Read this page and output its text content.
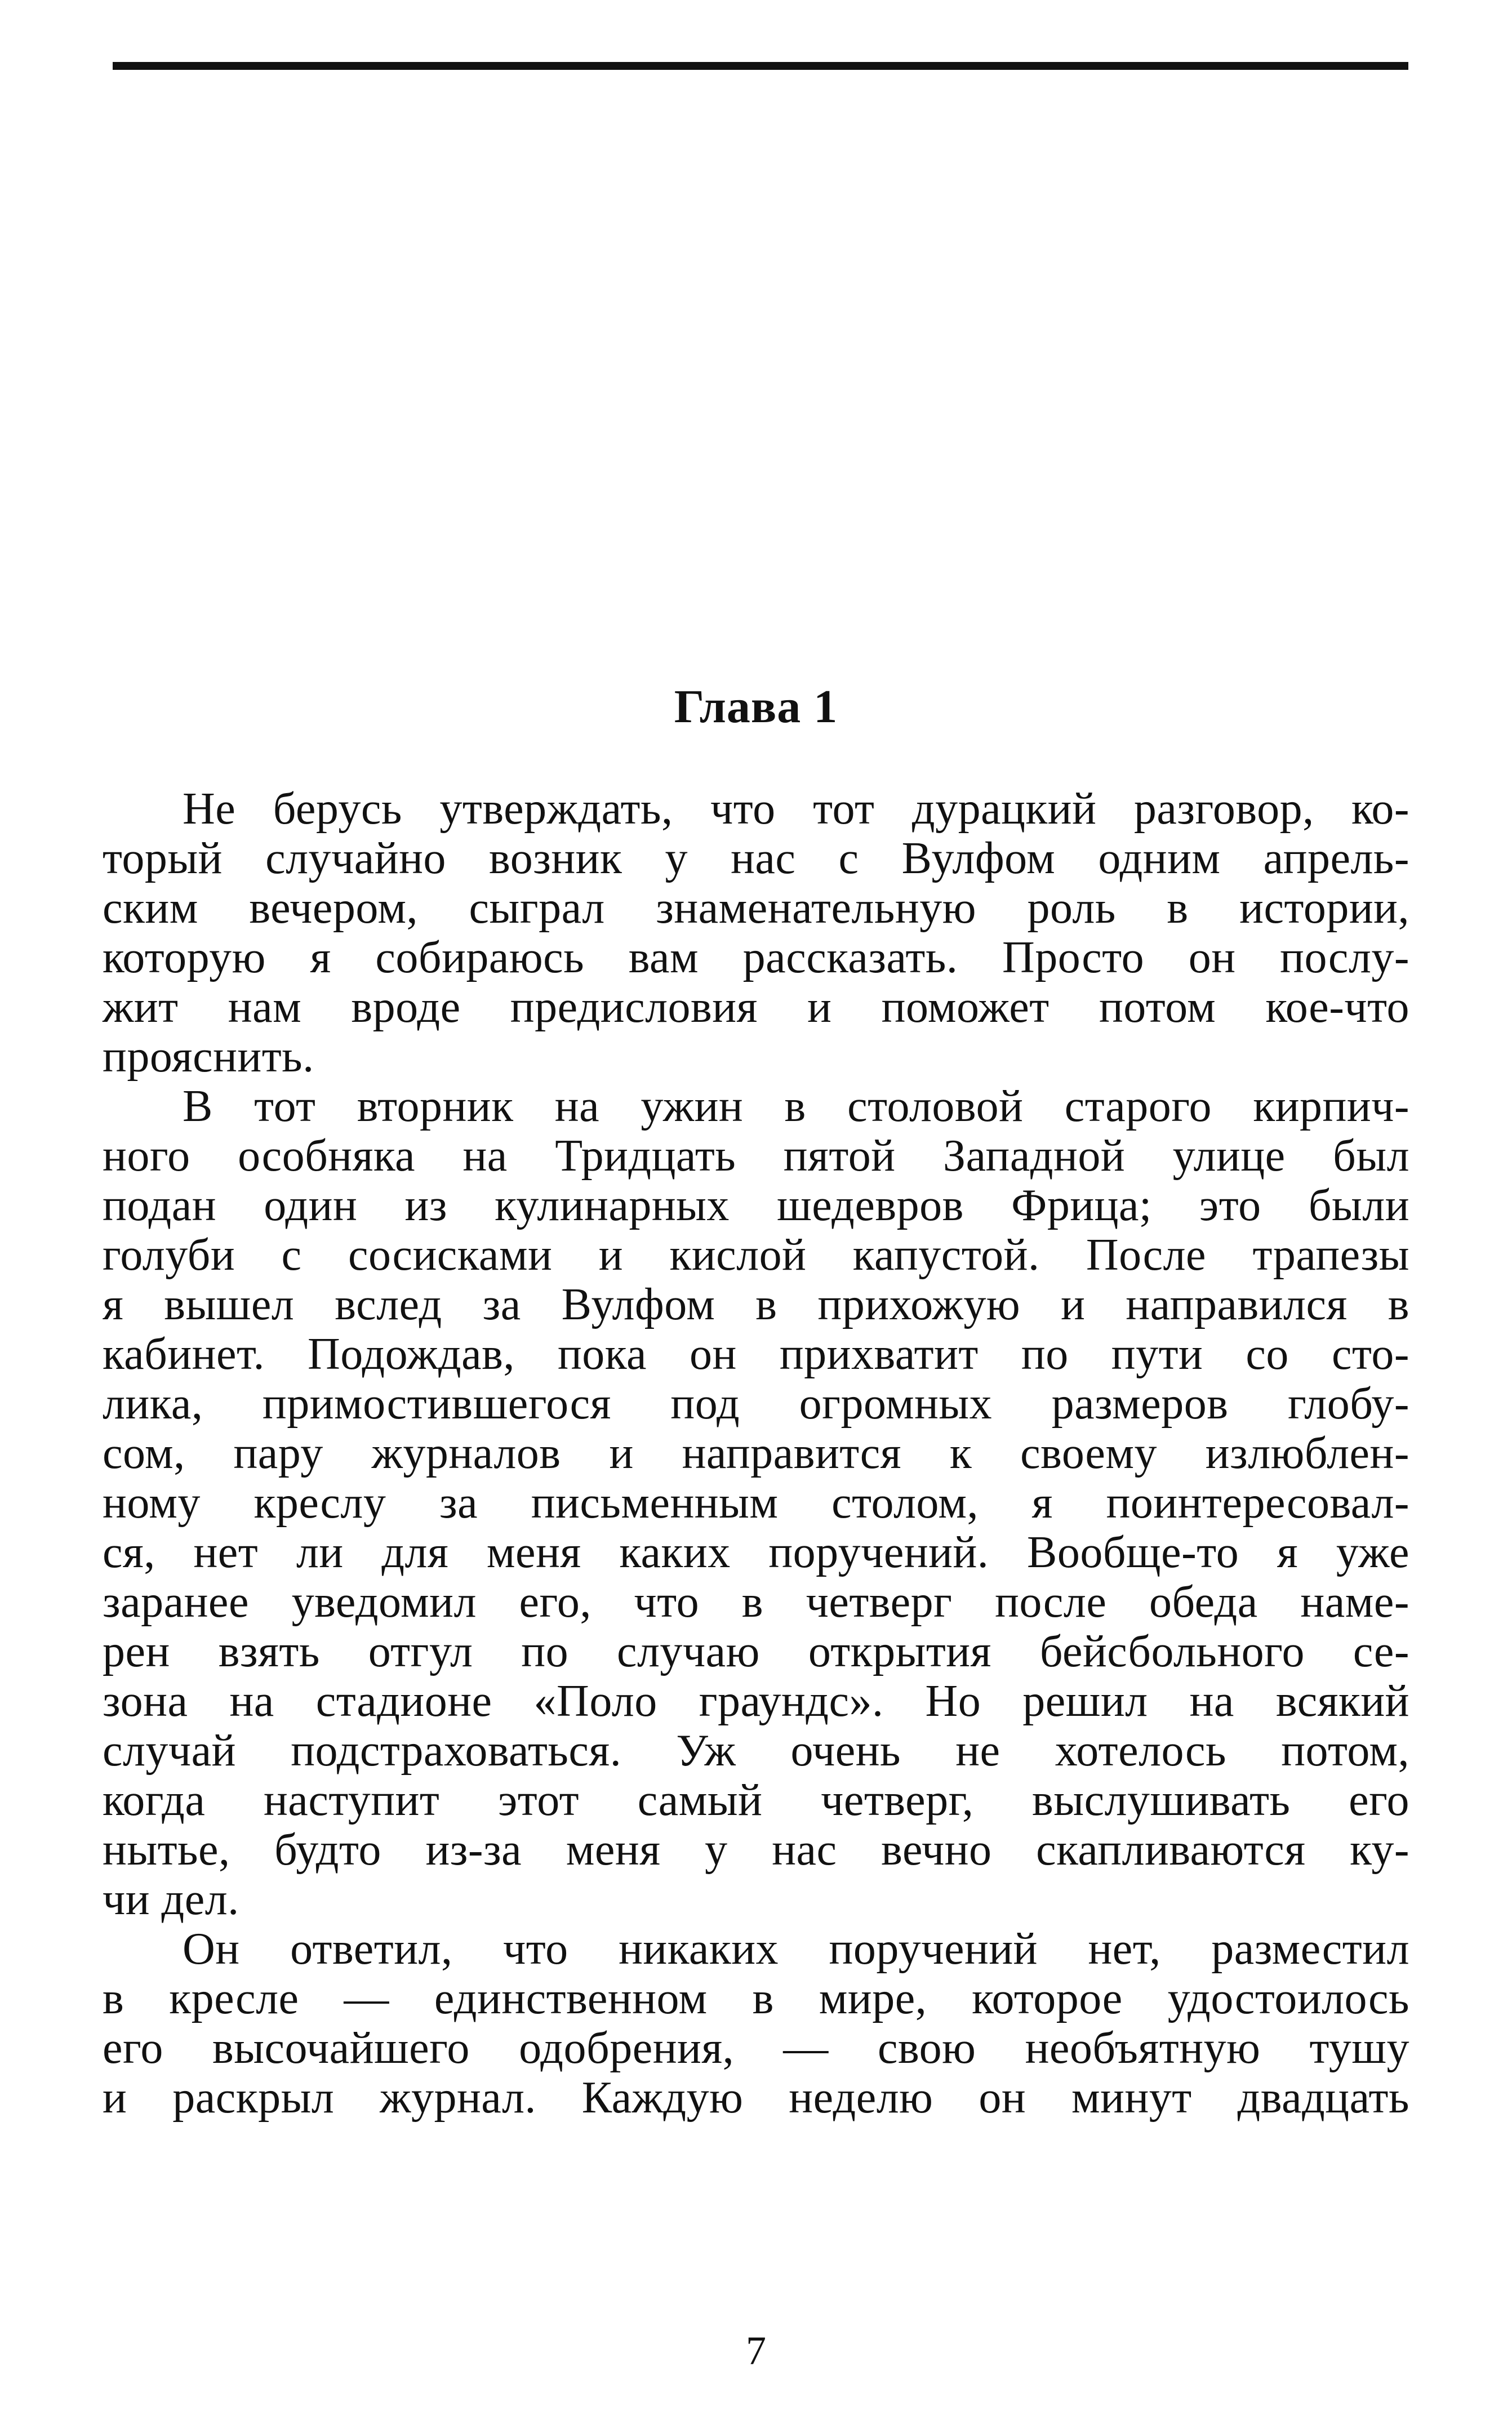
Глава 1
Не берусь утверждать, что тот дурацкий разговор, ко-
торый случайно возник у нас с Вулфом одним апрель-
ским вечером, сыграл знаменательную роль в истории,
которую я собираюсь вам рассказать. Просто он послу-
жит нам вроде предисловия и поможет потом кое-что
прояснить.
В тот вторник на ужин в столовой старого кирпич-
ного особняка на Тридцать пятой Западной улице был
подан один из кулинарных шедевров Фрица; это были
голуби с сосисками и кислой капустой. После трапезы
я вышел вслед за Вулфом в прихожую и направился в
кабинет. Подождав, пока он прихватит по пути со сто-
лика, примостившегося под огромных размеров глобу-
сом, пару журналов и направится к своему излюблен-
ному креслу за письменным столом, я поинтересовал-
ся, нет ли для меня каких поручений. Вообще-то я уже
заранее уведомил его, что в четверг после обеда наме-
рен взять отгул по случаю открытия бейсбольного се-
зона на стадионе «Поло граундс». Но решил на всякий
случай подстраховаться. Уж очень не хотелось потом,
когда наступит этот самый четверг, выслушивать его
нытье, будто из-за меня у нас вечно скапливаются ку-
чи дел.
Он ответил, что никаких поручений нет, разместил
в кресле — единственном в мире, которое удостоилось
его высочайшего одобрения, — свою необъятную тушу
и раскрыл журнал. Каждую неделю он минут двадцать

7
